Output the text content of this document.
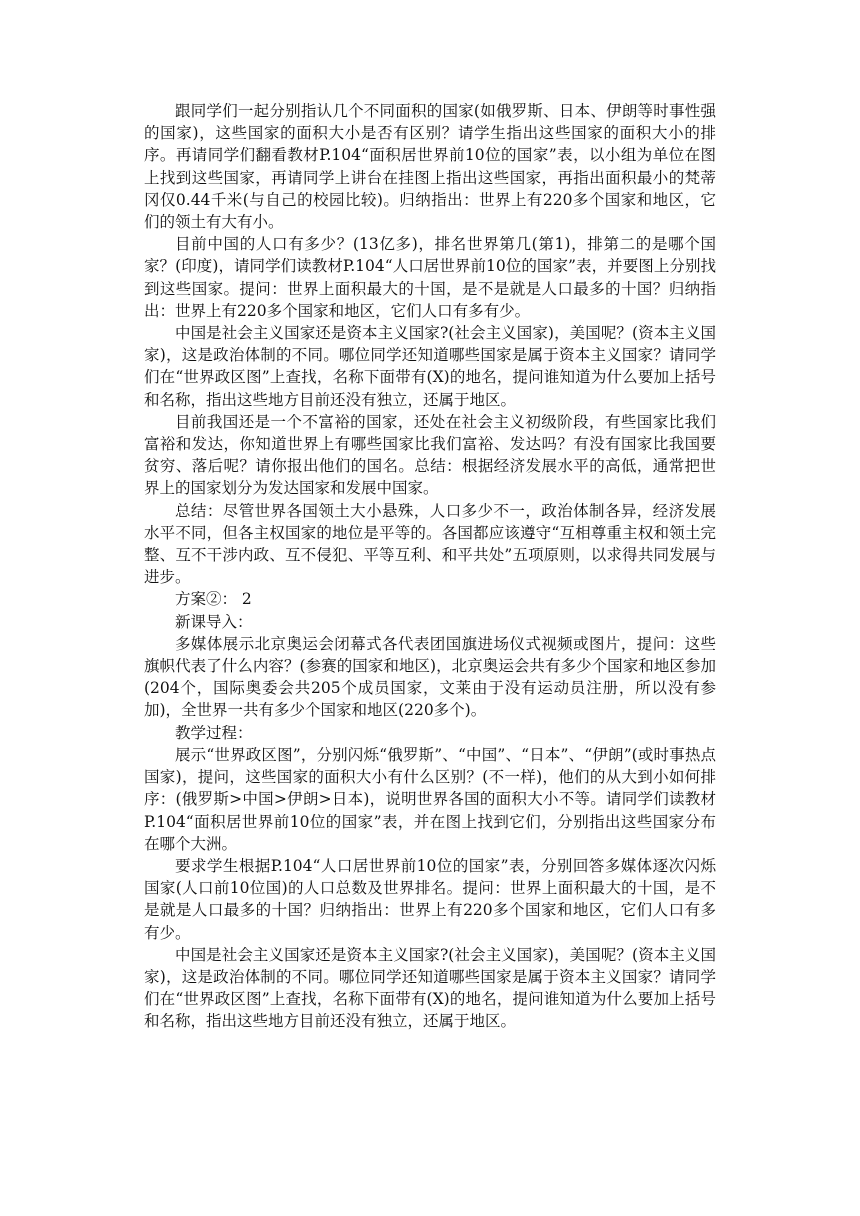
跟同学们一起分别指认几个不同面积的国家(如俄罗斯、日本、伊朗等时事性强的国家)，这些国家的面积大小是否有区别？请学生指出这些国家的面积大小的排序。再请同学们翻看教材P.104“面积居世界前10位的国家”表，以小组为单位在图上找到这些国家，再请同学上讲台在挂图上指出这些国家，再指出面积最小的梵蒂冈仅0.44千米(与自己的校园比较)。归纳指出：世界上有220多个国家和地区，它们的领土有大有小。

目前中国的人口有多少？(13亿多)，排名世界第几(第1)，排第二的是哪个国家？(印度)，请同学们读教材P.104“人口居世界前10位的国家”表，并要图上分别找到这些国家。提问：世界上面积最大的十国，是不是就是人口最多的十国？归纳指出：世界上有220多个国家和地区，它们人口有多有少。

中国是社会主义国家还是资本主义国家?(社会主义国家)，美国呢？(资本主义国家)，这是政治体制的不同。哪位同学还知道哪些国家是属于资本主义国家？请同学们在“世界政区图”上查找，名称下面带有(X)的地名，提问谁知道为什么要加上括号和名称，指出这些地方目前还没有独立，还属于地区。

目前我国还是一个不富裕的国家，还处在社会主义初级阶段，有些国家比我们富裕和发达，你知道世界上有哪些国家比我们富裕、发达吗？有没有国家比我国要贫穷、落后呢？请你报出他们的国名。总结：根据经济发展水平的高低，通常把世界上的国家划分为发达国家和发展中国家。

总结：尽管世界各国领土大小悬殊，人口多少不一，政治体制各异，经济发展水平不同，但各主权国家的地位是平等的。各国都应该遵守“互相尊重主权和领土完整、互不干涉内政、互不侵犯、平等互利、和平共处”五项原则，以求得共同发展与进步。

方案②： 2

新课导入：

多媒体展示北京奥运会闭幕式各代表团国旗进场仪式视频或图片，提问：这些旗帜代表了什么内容？(参赛的国家和地区)，北京奥运会共有多少个国家和地区参加(204个，国际奥委会共205个成员国家，文莱由于没有运动员注册，所以没有参加)，全世界一共有多少个国家和地区(220多个)。

教学过程：

展示“世界政区图”，分别闪烁“俄罗斯”、“中国”、“日本”、“伊朗”(或时事热点国家)，提问，这些国家的面积大小有什么区别？(不一样)，他们的从大到小如何排序：(俄罗斯>中国>伊朗>日本)，说明世界各国的面积大小不等。请同学们读教材P.104“面积居世界前10位的国家”表，并在图上找到它们，分别指出这些国家分布在哪个大洲。

要求学生根据P.104“人口居世界前10位的国家”表，分别回答多媒体逐次闪烁国家(人口前10位国)的人口总数及世界排名。提问：世界上面积最大的十国，是不是就是人口最多的十国？归纳指出：世界上有220多个国家和地区，它们人口有多有少。

中国是社会主义国家还是资本主义国家?(社会主义国家)，美国呢？(资本主义国家)，这是政治体制的不同。哪位同学还知道哪些国家是属于资本主义国家？请同学们在“世界政区图”上查找，名称下面带有(X)的地名，提问谁知道为什么要加上括号和名称，指出这些地方目前还没有独立，还属于地区。
